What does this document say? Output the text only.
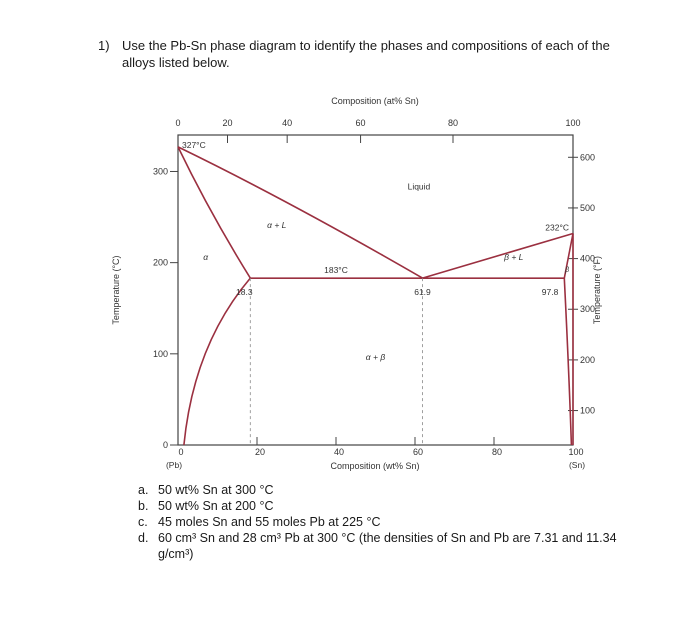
1) Use the Pb-Sn phase diagram to identify the phases and compositions of each of the alloys listed below.
Composition (at% Sn)
Composition (wt% Sn)
Temperature (°C)	Temperature (°F)
(Pb)	(Sn)
0	20	40	60	80	100
0	20	40	60	80	100
0
100
200
300
100
200
300
400
500
600
Liquid
α
α + L
β + L
α + β
β
327°C
232°C
183°C
18.3	61.9	97.8
a. 50 wt% Sn at 300 °C
b. 50 wt% Sn at 200 °C
c. 45 moles Sn and 55 moles Pb at 225 °C
d. 60 cm³ Sn and 28 cm³ Pb at 300 °C (the densities of Sn and Pb are 7.31 and 11.34 g/cm³)
